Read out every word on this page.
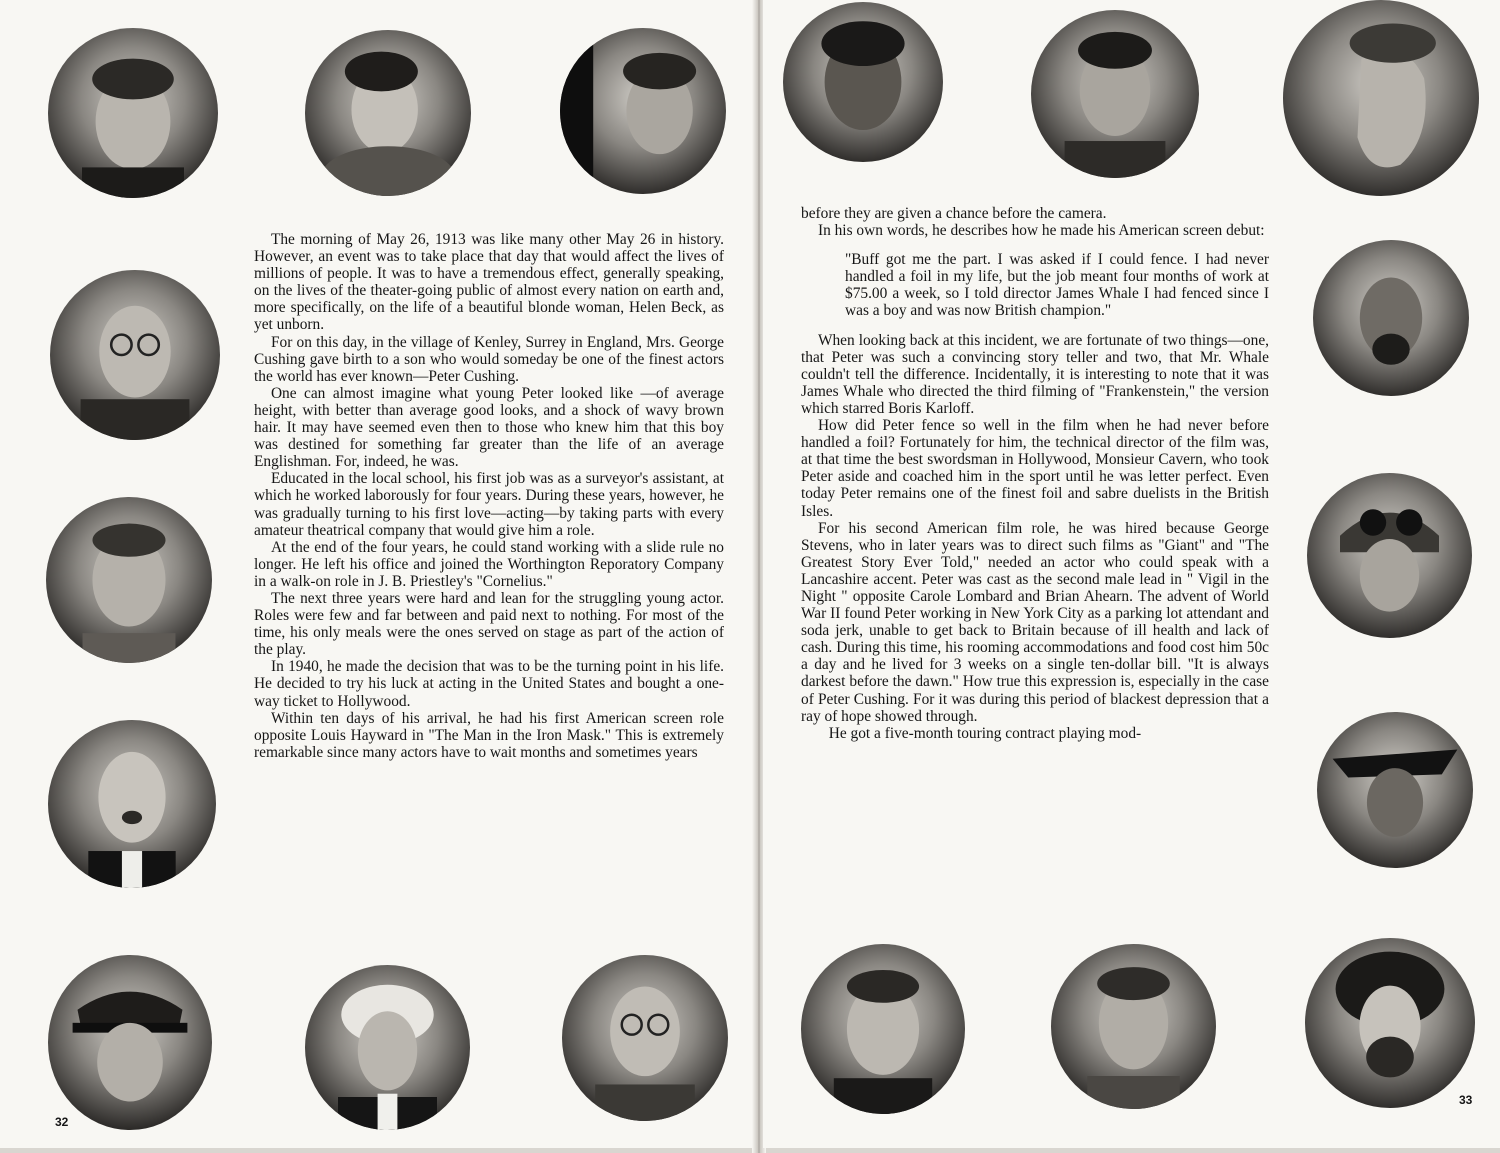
The morning of May 26, 1913 was like many other May 26 in history. However, an event was to take place that day that would affect the lives of millions of people. It was to have a tremendous effect, generally speaking, on the lives of the theater-going public of almost every nation on earth and, more specifically, on the life of a beautiful blonde woman, Helen Beck, as yet unborn.

For on this day, in the village of Kenley, Surrey in England, Mrs. George Cushing gave birth to a son who would someday be one of the finest actors the world has ever known—Peter Cushing.

One can almost imagine what young Peter looked like —of average height, with better than average good looks, and a shock of wavy brown hair. It may have seemed even then to those who knew him that this boy was destined for something far greater than the life of an average Englishman. For, indeed, he was.

Educated in the local school, his first job was as a surveyor's assistant, at which he worked laborously for four years. During these years, however, he was gradually turning to his first love—acting—by taking parts with every amateur theatrical company that would give him a role.

At the end of the four years, he could stand working with a slide rule no longer. He left his office and joined the Worthington Reporatory Company in a walk-on role in J. B. Priestley's "Cornelius."

The next three years were hard and lean for the struggling young actor. Roles were few and far between and paid next to nothing. For most of the time, his only meals were the ones served on stage as part of the action of the play.

In 1940, he made the decision that was to be the turning point in his life. He decided to try his luck at acting in the United States and bought a one-way ticket to Hollywood.

Within ten days of his arrival, he had his first American screen role opposite Louis Hayward in "The Man in the Iron Mask." This is extremely remarkable since many actors have to wait months and sometimes years

32

before they are given a chance before the camera.

In his own words, he describes how he made his American screen debut:

"Buff got me the part. I was asked if I could fence. I had never handled a foil in my life, but the job meant four months of work at $75.00 a week, so I told director James Whale I had fenced since I was a boy and was now British champion."

When looking back at this incident, we are fortunate of two things—one, that Peter was such a convincing story teller and two, that Mr. Whale couldn't tell the difference. Incidentally, it is interesting to note that it was James Whale who directed the third filming of "Frankenstein," the version which starred Boris Karloff.

How did Peter fence so well in the film when he had never before handled a foil? Fortunately for him, the technical director of the film was, at that time the best swordsman in Hollywood, Monsieur Cavern, who took Peter aside and coached him in the sport until he was letter perfect. Even today Peter remains one of the finest foil and sabre duelists in the British Isles.

For his second American film role, he was hired because George Stevens, who in later years was to direct such films as "Giant" and "The Greatest Story Ever Told," needed an actor who could speak with a Lancashire accent. Peter was cast as the second male lead in " Vigil in the Night " opposite Carole Lombard and Brian Ahearn. The advent of World War II found Peter working in New York City as a parking lot attendant and soda jerk, unable to get back to Britain because of ill health and lack of cash. During this time, his rooming accommodations and food cost him 50c a day and he lived for 3 weeks on a single ten-dollar bill. "It is always darkest before the dawn." How true this expression is, especially in the case of Peter Cushing. For it was during this period of blackest depression that a ray of hope showed through.

He got a five-month touring contract playing mod-

33
